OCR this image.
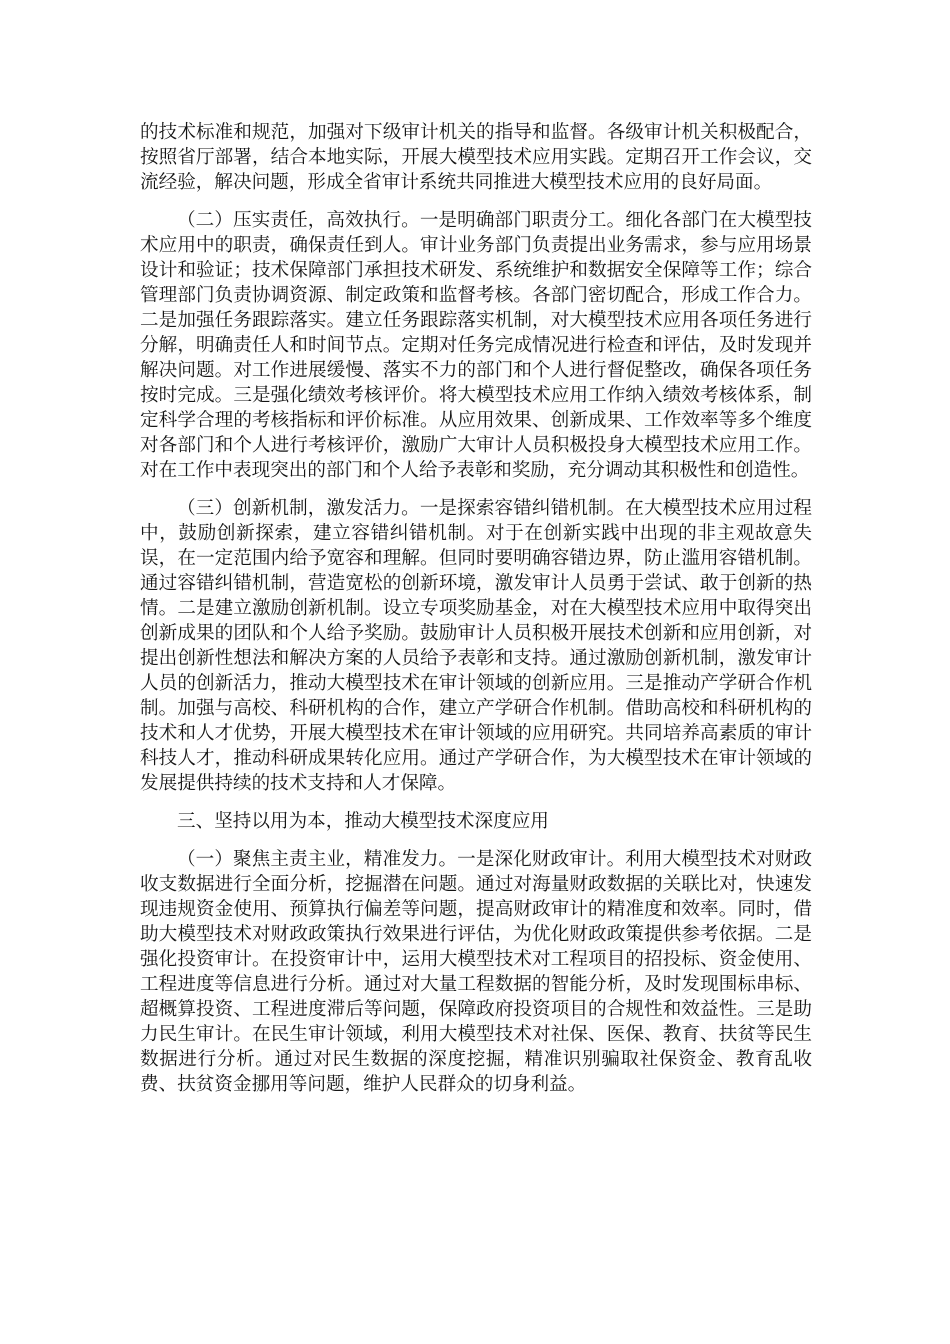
的技术标准和规范，加强对下级审计机关的指导和监督。各级审计机关积极配合，按照省厅部署，结合本地实际，开展大模型技术应用实践。定期召开工作会议，交流经验，解决问题，形成全省审计系统共同推进大模型技术应用的良好局面。

（二）压实责任，高效执行。一是明确部门职责分工。细化各部门在大模型技术应用中的职责，确保责任到人。审计业务部门负责提出业务需求，参与应用场景设计和验证；技术保障部门承担技术研发、系统维护和数据安全保障等工作；综合管理部门负责协调资源、制定政策和监督考核。各部门密切配合，形成工作合力。二是加强任务跟踪落实。建立任务跟踪落实机制，对大模型技术应用各项任务进行分解，明确责任人和时间节点。定期对任务完成情况进行检查和评估，及时发现并解决问题。对工作进展缓慢、落实不力的部门和个人进行督促整改，确保各项任务按时完成。三是强化绩效考核评价。将大模型技术应用工作纳入绩效考核体系，制定科学合理的考核指标和评价标准。从应用效果、创新成果、工作效率等多个维度对各部门和个人进行考核评价，激励广大审计人员积极投身大模型技术应用工作。对在工作中表现突出的部门和个人给予表彰和奖励，充分调动其积极性和创造性。

（三）创新机制，激发活力。一是探索容错纠错机制。在大模型技术应用过程中，鼓励创新探索，建立容错纠错机制。对于在创新实践中出现的非主观故意失误，在一定范围内给予宽容和理解。但同时要明确容错边界，防止滥用容错机制。通过容错纠错机制，营造宽松的创新环境，激发审计人员勇于尝试、敢于创新的热情。二是建立激励创新机制。设立专项奖励基金，对在大模型技术应用中取得突出创新成果的团队和个人给予奖励。鼓励审计人员积极开展技术创新和应用创新，对提出创新性想法和解决方案的人员给予表彰和支持。通过激励创新机制，激发审计人员的创新活力，推动大模型技术在审计领域的创新应用。三是推动产学研合作机制。加强与高校、科研机构的合作，建立产学研合作机制。借助高校和科研机构的技术和人才优势，开展大模型技术在审计领域的应用研究。共同培养高素质的审计科技人才，推动科研成果转化应用。通过产学研合作，为大模型技术在审计领域的发展提供持续的技术支持和人才保障。

三、坚持以用为本，推动大模型技术深度应用

（一）聚焦主责主业，精准发力。一是深化财政审计。利用大模型技术对财政收支数据进行全面分析，挖掘潜在问题。通过对海量财政数据的关联比对，快速发现违规资金使用、预算执行偏差等问题，提高财政审计的精准度和效率。同时，借助大模型技术对财政政策执行效果进行评估，为优化财政政策提供参考依据。二是强化投资审计。在投资审计中，运用大模型技术对工程项目的招投标、资金使用、工程进度等信息进行分析。通过对大量工程数据的智能分析，及时发现围标串标、超概算投资、工程进度滞后等问题，保障政府投资项目的合规性和效益性。三是助力民生审计。在民生审计领域，利用大模型技术对社保、医保、教育、扶贫等民生数据进行分析。通过对民生数据的深度挖掘，精准识别骗取社保资金、教育乱收费、扶贫资金挪用等问题，维护人民群众的切身利益。
